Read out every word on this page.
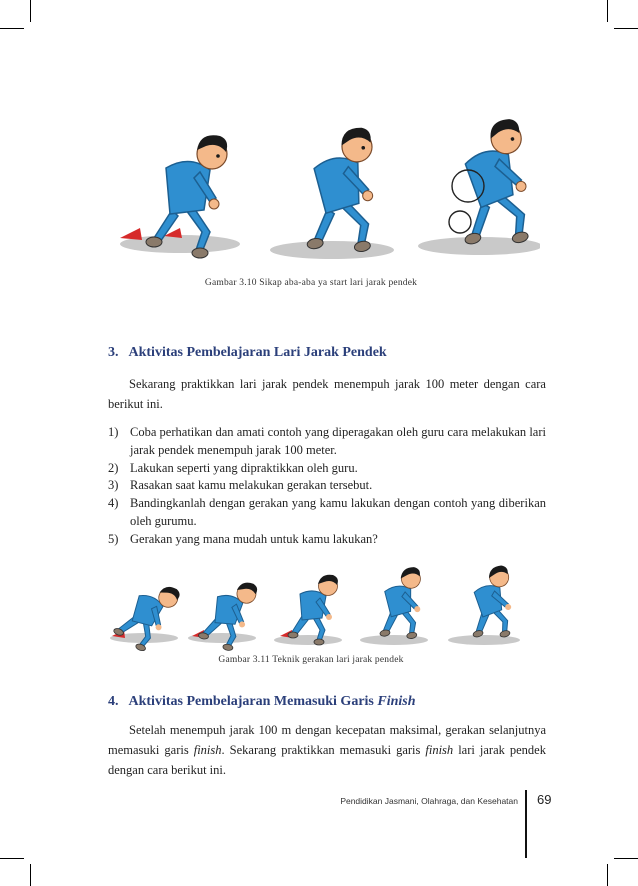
Gambar 3.10 Sikap aba-aba ya start lari jarak pendek
3. Aktivitas Pembelajaran Lari Jarak Pendek
Sekarang praktikkan lari jarak pendek menempuh jarak 100 meter dengan cara berikut ini.
1) Coba perhatikan dan amati contoh yang diperagakan oleh guru cara melakukan lari jarak pendek menempuh jarak 100 meter.
2) Lakukan seperti yang dipraktikkan oleh guru.
3) Rasakan saat kamu melakukan gerakan tersebut.
4) Bandingkanlah dengan gerakan yang kamu lakukan dengan contoh yang diberikan oleh gurumu.
5) Gerakan yang mana mudah untuk kamu lakukan?
Gambar 3.11 Teknik gerakan lari jarak pendek
4. Aktivitas Pembelajaran Memasuki Garis Finish
Setelah menempuh jarak 100 m dengan kecepatan maksimal, gerakan selanjutnya memasuki garis finish. Sekarang praktikkan memasuki garis finish lari jarak pendek dengan cara berikut ini.
Pendidikan Jasmani, Olahraga, dan Kesehatan 69
